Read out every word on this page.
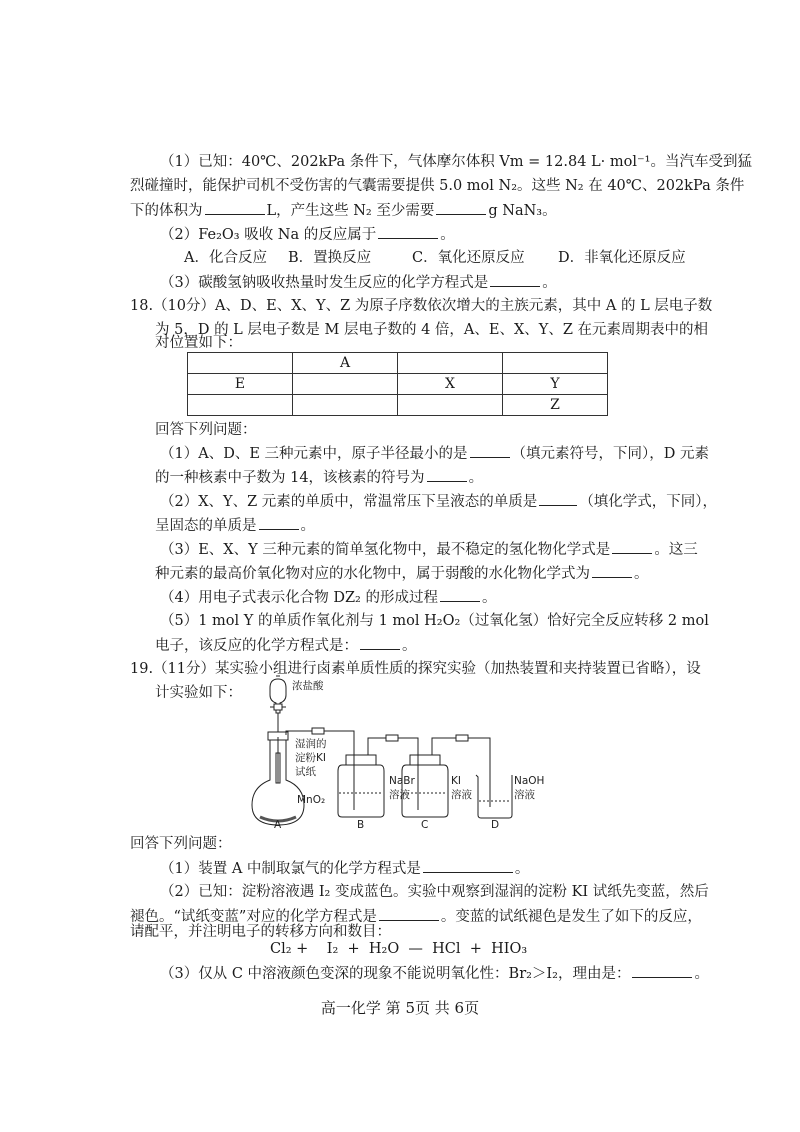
（1）已知：40℃、202kPa 条件下，气体摩尔体积 Vm = 12.84 L· mol⁻¹。当汽车受到猛
烈碰撞时，能保护司机不受伤害的气囊需要提供 5.0 mol N₂。这些 N₂ 在 40℃、202kPa 条件
下的体积为	L，产生这些 N₂ 至少需要	g NaN₃。
（2）Fe₂O₃ 吸收 Na 的反应属于	。
A．化合反应 B．置换反应	C．氧化还原反应 D．非氧化还原反应
（3）碳酸氢钠吸收热量时发生反应的化学方程式是	。
18.（10分）A、D、E、X、Y、Z 为原子序数依次增大的主族元素，其中 A 的 L 层电子数
为 5，D 的 L 层电子数是 M 层电子数的 4 倍，A、E、X、Y、Z 在元素周期表中的相
对位置如下：
	A		
E		X	Y
			Z
回答下列问题：
（1）A、D、E 三种元素中，原子半径最小的是	（填元素符号，下同），D 元素
的一种核素中子数为 14，该核素的符号为	。
（2）X、Y、Z 元素的单质中，常温常压下呈液态的单质是	（填化学式，下同），
呈固态的单质是	。
（3）E、X、Y 三种元素的简单氢化物中，最不稳定的氢化物化学式是	。这三
种元素的最高价氧化物对应的水化物中，属于弱酸的水化物化学式为	。
（4）用电子式表示化合物 DZ₂ 的形成过程	。
（5）1 mol Y 的单质作氧化剂与 1 mol H₂O₂（过氧化氢）恰好完全反应转移 2 mol
电子，该反应的化学方程式是：	。
19.（11分）某实验小组进行卤素单质性质的探究实验（加热装置和夹持装置已省略），设
计实验如下：	浓盐酸
湿润的
淀粉KI
试纸
MnO₂
NaBr
溶液
KI
溶液
NaOH
溶液
A	B	C	D
回答下列问题：
（1）装置 A 中制取氯气的化学方程式是	。
（2）已知：淀粉溶液遇 I₂ 变成蓝色。实验中观察到湿润的淀粉 KI 试纸先变蓝，然后
褪色。“试纸变蓝”对应的化学方程式是	。变蓝的试纸褪色是发生了如下的反应，
请配平，并注明电子的转移方向和数目：
Cl₂ +    I₂  +  H₂O  —  HCl  +  HIO₃
（3）仅从 C 中溶液颜色变深的现象不能说明氧化性：Br₂＞I₂，理由是：	。
高一化学 第 5页 共 6页
